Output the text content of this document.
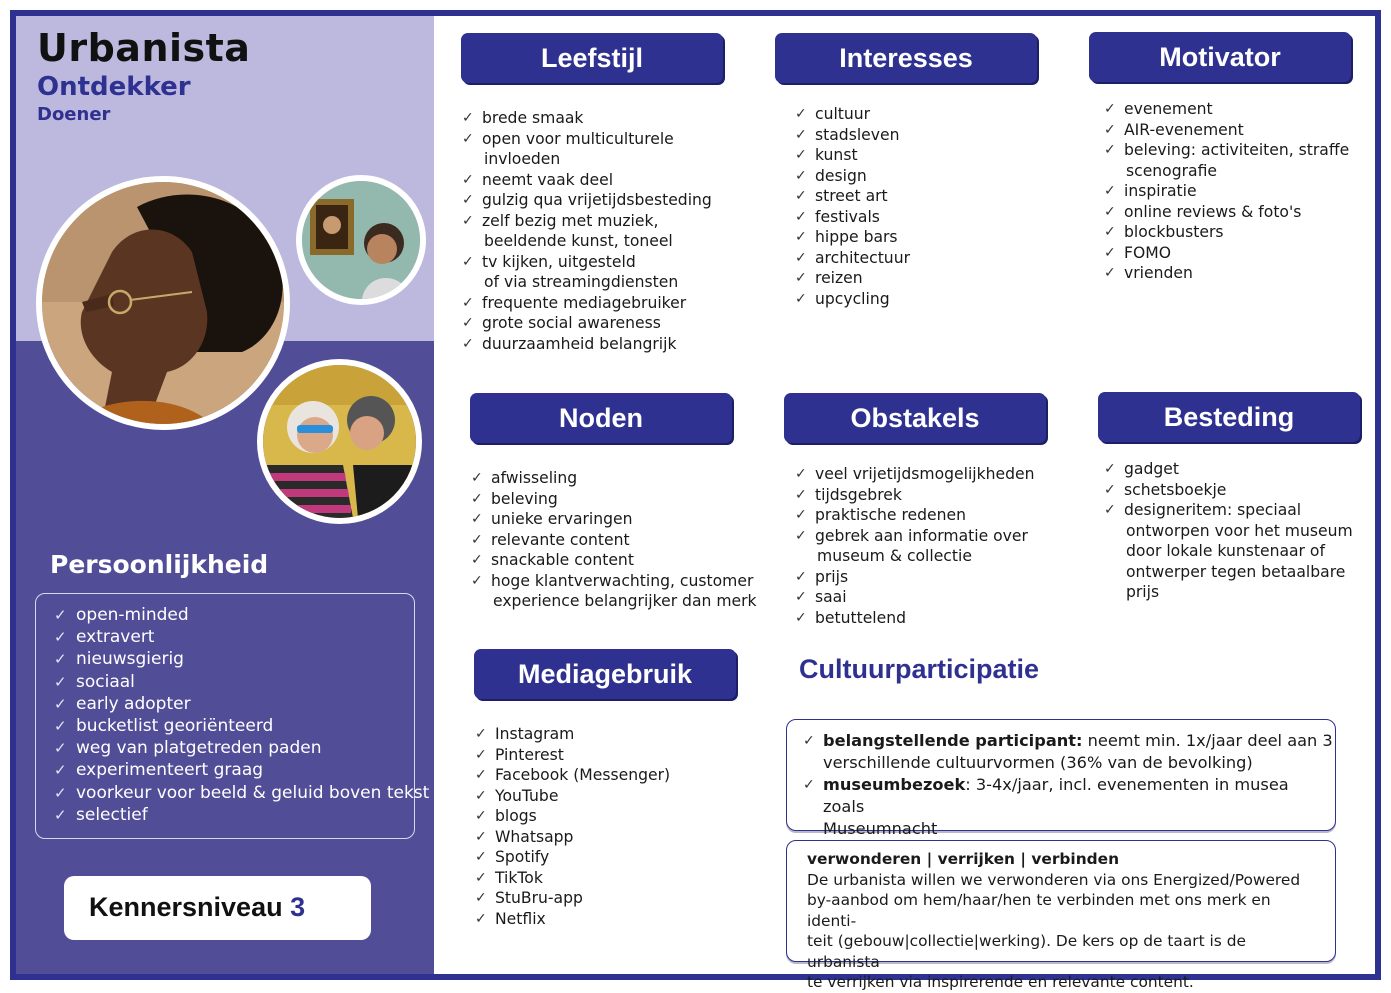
Urbanista
Ontdekker
Doener
Persoonlijkheid
✓ open-minded
✓ extravert
✓ nieuwsgierig
✓ sociaal
✓ early adopter
✓ bucketlist georiënteerd
✓ weg van platgetreden paden
✓ experimenteert graag
✓ voorkeur voor beeld & geluid boven tekst
✓ selectief
Kennersniveau 3
Leefstijl	Interesses	Motivator
Noden	Obstakels	Besteding
Mediagebruik
✓ brede smaak
✓ open voor multiculturele
invloeden
✓ neemt vaak deel
✓ gulzig qua vrijetijdsbesteding
✓ zelf bezig met muziek,
beeldende kunst, toneel
✓ tv kijken, uitgesteld
of via streamingdiensten
✓ frequente mediagebruiker
✓ grote social awareness
✓ duurzaamheid belangrijk
✓ cultuur
✓ stadsleven
✓ kunst
✓ design
✓ street art
✓ festivals
✓ hippe bars
✓ architectuur
✓ reizen
✓ upcycling
✓ evenement
✓ AIR-evenement
✓ beleving: activiteiten, straffe
scenografie
✓ inspiratie
✓ online reviews & foto's
✓ blockbusters
✓ FOMO
✓ vrienden
✓ afwisseling
✓ beleving
✓ unieke ervaringen
✓ relevante content
✓ snackable content
✓ hoge klantverwachting, customer
experience belangrijker dan merk
✓ veel vrijetijdsmogelijkheden
✓ tijdsgebrek
✓ praktische redenen
✓ gebrek aan informatie over
museum & collectie
✓ prijs
✓ saai
✓ betuttelend
✓ gadget
✓ schetsboekje
✓ designeritem: speciaal
ontworpen voor het museum
door lokale kunstenaar of
ontwerper tegen betaalbare
prijs
✓ Instagram
✓ Pinterest
✓ Facebook (Messenger)
✓ YouTube
✓ blogs
✓ Whatsapp
✓ Spotify
✓ TikTok
✓ StuBru-app
✓ Netflix
Cultuurparticipatie
✓ belangstellende participant: neemt min. 1x/jaar deel aan 3
verschillende cultuurvormen (36% van de bevolking)
✓ museumbezoek: 3-4x/jaar, incl. evenementen in musea zoals
Museumnacht
verwonderen | verrijken | verbinden
De urbanista willen we verwonderen via ons Energized/Powered
by-aanbod om hem/haar/hen te verbinden met ons merk en identi-
teit (gebouw|collectie|werking). De kers op de taart is de urbanista
te verrijken via inspirerende en relevante content.
